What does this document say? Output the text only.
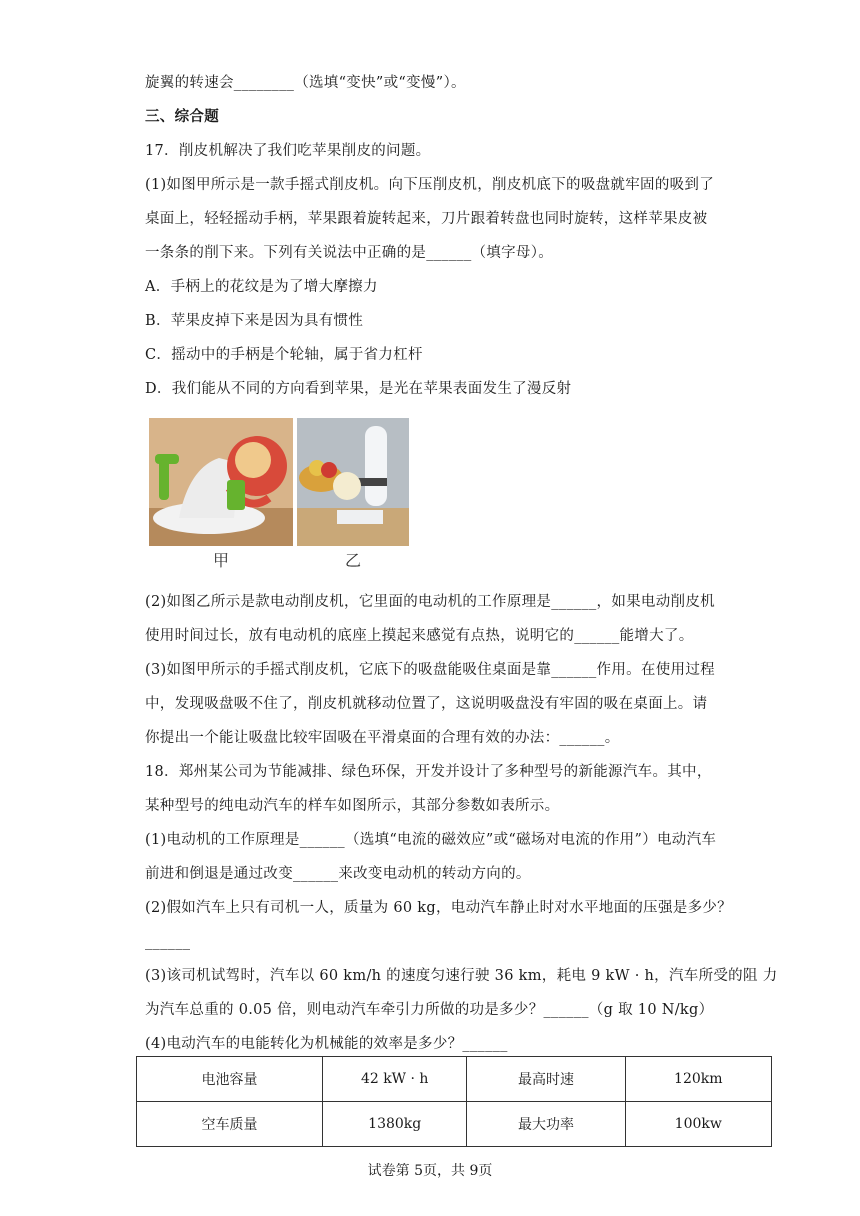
旋翼的转速会________（选填“变快”或“变慢”）。
三、综合题
17．削皮机解决了我们吃苹果削皮的问题。
(1)如图甲所示是一款手摇式削皮机。向下压削皮机，削皮机底下的吸盘就牢固的吸到了
桌面上，轻轻摇动手柄，苹果跟着旋转起来，刀片跟着转盘也同时旋转，这样苹果皮被
一条条的削下来。下列有关说法中正确的是______（填字母）。
A．手柄上的花纹是为了增大摩擦力
B．苹果皮掉下来是因为具有惯性
C．摇动中的手柄是个轮轴，属于省力杠杆
D．我们能从不同的方向看到苹果，是光在苹果表面发生了漫反射
甲	乙
(2)如图乙所示是款电动削皮机，它里面的电动机的工作原理是______，如果电动削皮机
使用时间过长，放有电动机的底座上摸起来感觉有点热，说明它的______能增大了。
(3)如图甲所示的手摇式削皮机，它底下的吸盘能吸住桌面是靠______作用。在使用过程
中，发现吸盘吸不住了，削皮机就移动位置了，这说明吸盘没有牢固的吸在桌面上。请
你提出一个能让吸盘比较牢固吸在平滑桌面的合理有效的办法：______。
18．郑州某公司为节能减排、绿色环保，开发并设计了多种型号的新能源汽车。其中，
某种型号的纯电动汽车的样车如图所示，其部分参数如表所示。
(1)电动机的工作原理是______（选填“电流的磁效应”或“磁场对电流的作用”）电动汽车
前进和倒退是通过改变______来改变电动机的转动方向的。
(2)假如汽车上只有司机一人，质量为 60 kg，电动汽车静止时对水平地面的压强是多少？
______
(3)该司机试驾时，汽车以 60 km/h 的速度匀速行驶 36 km，耗电 9 kW · h，汽车所受的阻 力
为汽车总重的 0.05 倍，则电动汽车牵引力所做的功是多少？______（g 取 10 N/kg）
(4)电动汽车的电能转化为机械能的效率是多少？______
电池容量	42 kW · h	最高时速	120km
空车质量	1380kg	最大功率	100kw
试卷第 5页，共 9页
